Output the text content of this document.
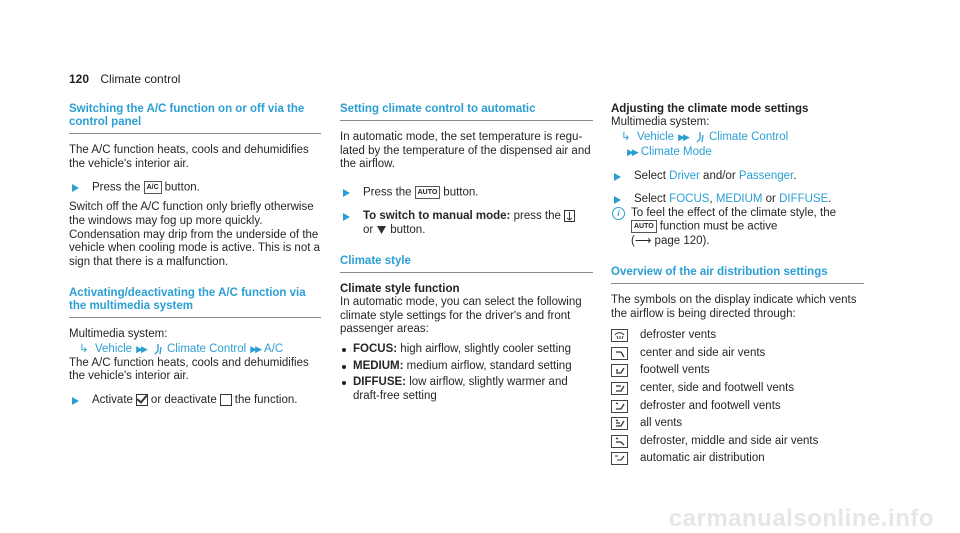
120 Climate control
Switching the A/C function on or off via the control panel

The A/C function heats, cools and dehumidifies the vehicle's interior air.

Press the A/C button.

Switch off the A/C function only briefly otherwise the windows may fog up more quickly.

Condensation may drip from the underside of the vehicle when cooling mode is active. This is not a sign that there is a malfunction.

Activating/deactivating the A/C function via the multimedia system

Multimedia system:

↳ Vehicle ▶▶ Climate Control ▶▶ A/C

The A/C function heats, cools and dehumidifies the vehicle's interior air.

Activate or deactivate the function.
Setting climate control to automatic

In automatic mode, the set temperature is regulated by the temperature of the dispensed air and the airflow.

Press the AUTO button.
To switch to manual mode: press the
or button.
Climate style

Climate style function

In automatic mode, you can select the following climate style settings for the driver's and front passenger areas:

FOCUS: high airflow, slightly cooler setting
MEDIUM: medium airflow, standard setting
DIFFUSE: low airflow, slightly warmer and draft-free setting

Adjusting the climate mode settings

Multimedia system:

↳ Vehicle ▶▶ Climate Control
▶▶ Climate Mode
Select Driver and/or Passenger.
Select FOCUS, MEDIUM or DIFFUSE.
i To feel the effect of the climate style, the
AUTO function must be active
(⟶ page 120).
Overview of the air distribution settings

The symbols on the display indicate which vents the airflow is being directed through:

defroster vents
center and side air vents
footwell vents
center, side and footwell vents
defroster and footwell vents
all vents
defroster, middle and side air vents
automatic air distribution
carmanualsonline.info
